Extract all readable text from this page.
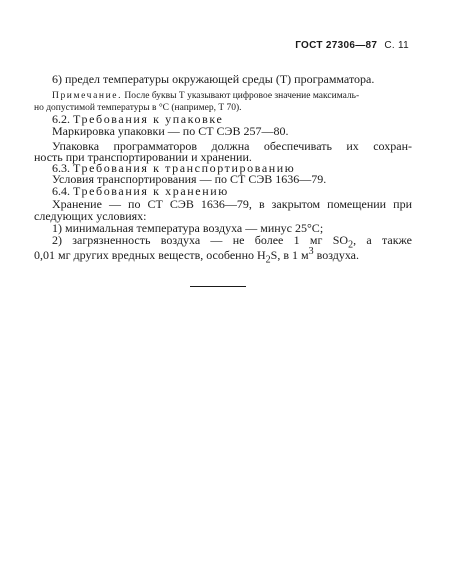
ГОСТ 27306—87 С. 11
6) предел температуры окружающей среды (Т) программатора.
Примечание. После буквы Т указывают цифровое значение максималь-
но допустимой температуры в °С (например, Т 70).
6.2. Требования к упаковке
Маркировка упаковки — по СТ СЭВ 257—80.
Упаковка программаторов должна обеспечивать их сохран-
ность при транспортировании и хранении.
6.3. Требования к транспортированию
Условия транспортирования — по СТ СЭВ 1636—79.
6.4. Требования к хранению
Хранение — по СТ СЭВ 1636—79, в закрытом помещении при
следующих условиях:
1) минимальная температура воздуха — минус 25°С;
2) загрязненность воздуха — не более 1 мг $SO_2$, а также
0,01 мг других вредных веществ, особенно $H_2S$, в 1 $м^3$ воздуха.
